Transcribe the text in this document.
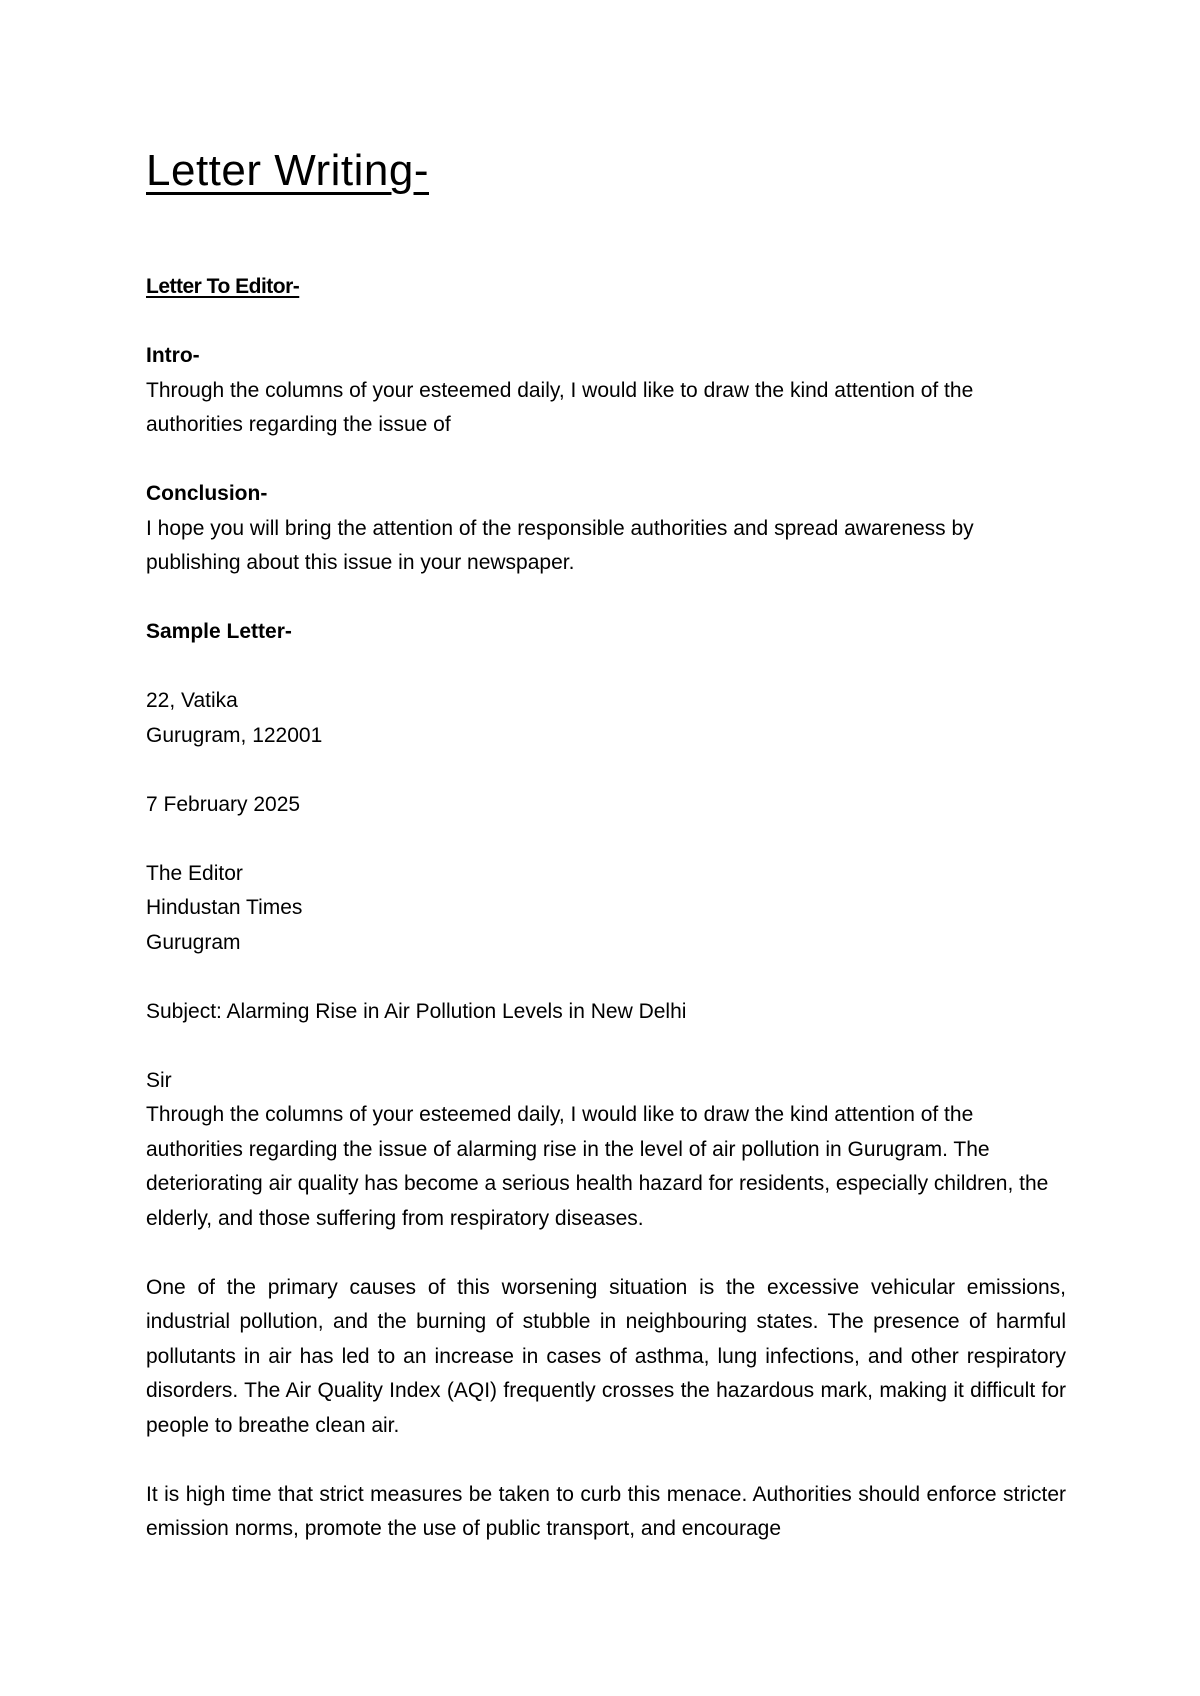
Letter Writing-

Letter To Editor-

Intro-
Through the columns of your esteemed daily, I would like to draw the kind attention of the authorities regarding the issue of

Conclusion-
I hope you will bring the attention of the responsible authorities and spread awareness by publishing about this issue in your newspaper.

Sample Letter-

22, Vatika
Gurugram, 122001

7 February 2025

The Editor
Hindustan Times
Gurugram

Subject: Alarming Rise in Air Pollution Levels in New Delhi

Sir
Through the columns of your esteemed daily, I would like to draw the kind attention of the authorities regarding the issue of alarming rise in the level of air pollution in Gurugram. The deteriorating air quality has become a serious health hazard for residents, especially children, the elderly, and those suffering from respiratory diseases.

One of the primary causes of this worsening situation is the excessive vehicular emissions, industrial pollution, and the burning of stubble in neighbouring states. The presence of harmful pollutants in air has led to an increase in cases of asthma, lung infections, and other respiratory disorders. The Air Quality Index (AQI) frequently crosses the hazardous mark, making it difficult for people to breathe clean air.

It is high time that strict measures be taken to curb this menace. Authorities should enforce stricter emission norms, promote the use of public transport, and encourage
